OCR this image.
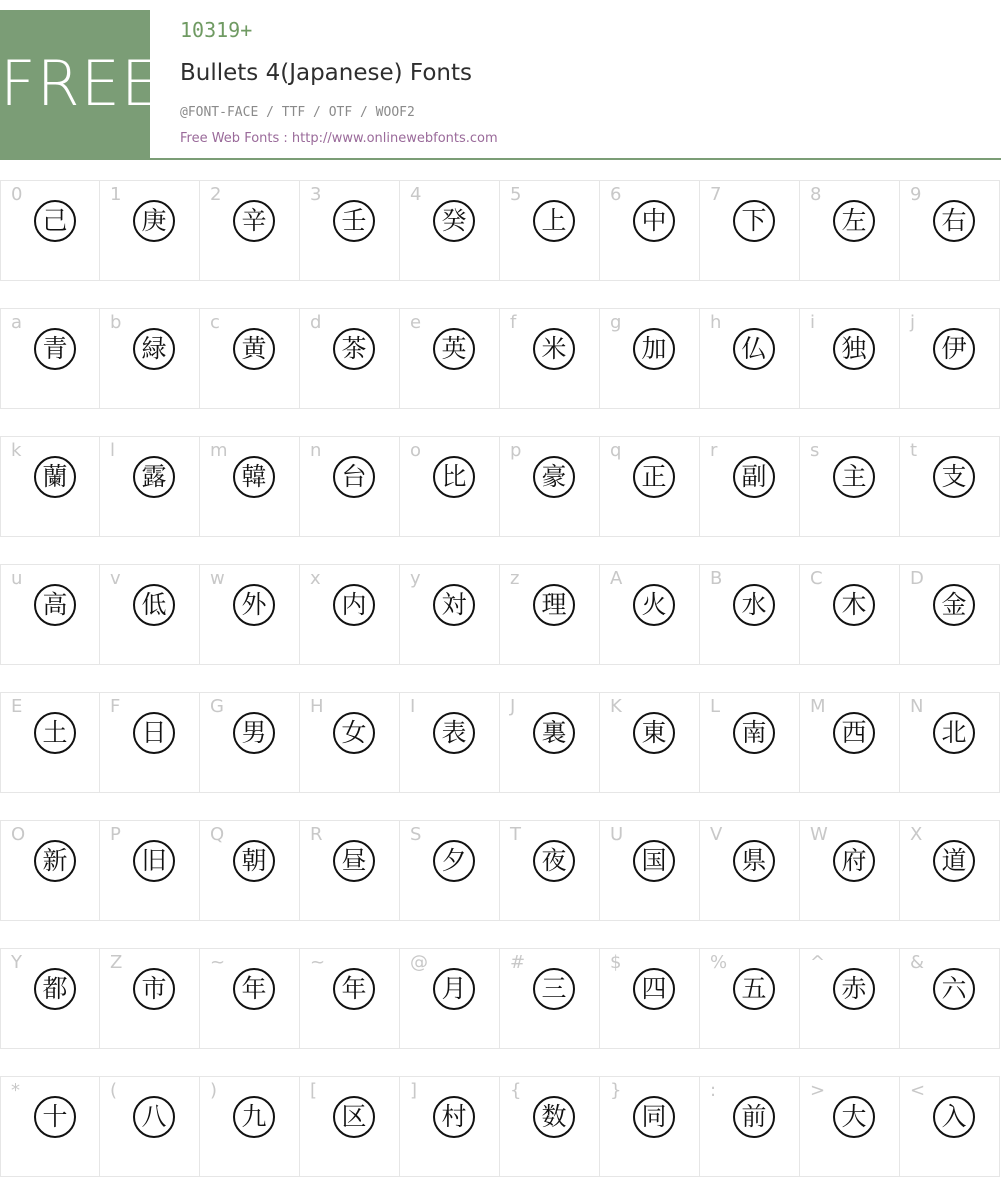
FREE
10319+
Bullets 4(Japanese) Fonts
@FONT-FACE / TTF / OTF / WOOF2
Free Web Fonts : http://www.onlinewebfonts.com
0
己
1
庚
2
辛
3
壬
4
癸
5
上
6
中
7
下
8
左
9
右
a
青
b
緑
c
黄
d
茶
e
英
f
米
g
加
h
仏
i
独
j
伊
k
蘭
l
露
m
韓
n
台
o
比
p
豪
q
正
r
副
s
主
t
支
u
高
v
低
w
外
x
内
y
対
z
理
A
火
B
水
C
木
D
金
E
土
F
日
G
男
H
女
I
表
J
裏
K
東
L
南
M
西
N
北
O
新
P
旧
Q
朝
R
昼
S
夕
T
夜
U
国
V
県
W
府
X
道
Y
都
Z
市
~
年
~
年
@
月
#
三
$
四
%
五
^
赤
&
六
*
十
(
八
)
九
[
区
]
村
{
数
}
同
:
前
>
大
<
入
